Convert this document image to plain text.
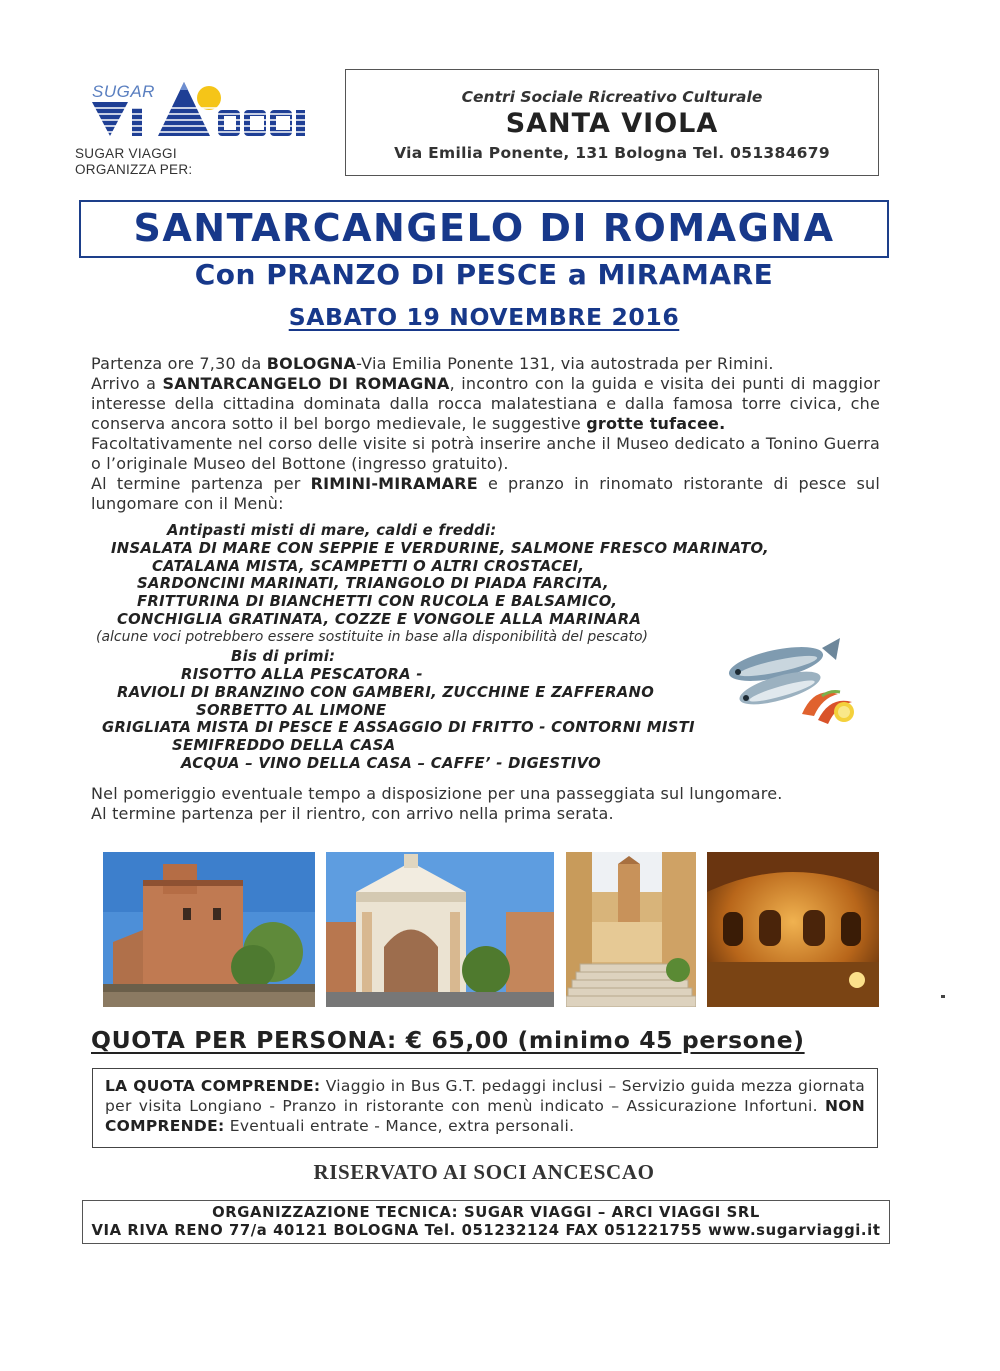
SUGAR
SUGAR VIAGGI
ORGANIZZA PER:
Centri Sociale Ricreativo Culturale
SANTA VIOLA
Via Emilia Ponente, 131 Bologna Tel. 051384679
SANTARCANGELO DI ROMAGNA
Con PRANZO DI PESCE a MIRAMARE
SABATO 19 NOVEMBRE 2016
Partenza ore 7,30 da BOLOGNA-Via Emilia Ponente 131, via autostrada per Rimini.
Arrivo a SANTARCANGELO DI ROMAGNA, incontro con la guida e visita dei punti di maggior interesse della cittadina dominata dalla rocca malatestiana e dalla famosa torre civica, che conserva ancora sotto il bel borgo medievale, le suggestive grotte tufacee.
Facoltativamente nel corso delle visite si potrà inserire anche il Museo dedicato a Tonino Guerra o l’originale Museo del Bottone (ingresso gratuito).
Al termine partenza per RIMINI-MIRAMARE e pranzo in rinomato ristorante di pesce sul lungomare con il Menù:
Antipasti misti di mare, caldi e freddi:
INSALATA DI MARE CON SEPPIE E VERDURINE, SALMONE FRESCO MARINATO,
CATALANA MISTA, SCAMPETTI O ALTRI CROSTACEI,
SARDONCINI MARINATI, TRIANGOLO DI PIADA FARCITA,
FRITTURINA DI BIANCHETTI CON RUCOLA E BALSAMICO,
CONCHIGLIA GRATINATA, COZZE E VONGOLE ALLA MARINARA
(alcune voci potrebbero essere sostituite in base alla disponibilità del pescato)
Bis di primi:
RISOTTO ALLA PESCATORA -
RAVIOLI DI BRANZINO CON GAMBERI, ZUCCHINE E ZAFFERANO
SORBETTO AL LIMONE
GRIGLIATA MISTA DI PESCE E ASSAGGIO DI FRITTO - CONTORNI MISTI
SEMIFREDDO DELLA CASA
ACQUA – VINO DELLA CASA – CAFFE’ - DIGESTIVO
Nel pomeriggio eventuale tempo a disposizione per una passeggiata sul lungomare.
Al termine partenza per il rientro, con arrivo nella prima serata.
QUOTA PER PERSONA: € 65,00 (minimo 45 persone)
LA QUOTA COMPRENDE: Viaggio in Bus G.T. pedaggi inclusi – Servizio guida mezza giornata per visita Longiano - Pranzo in ristorante con menù indicato – Assicurazione Infortuni. NON COMPRENDE: Eventuali entrate - Mance, extra personali.
RISERVATO AI SOCI ANCESCAO
ORGANIZZAZIONE TECNICA: SUGAR VIAGGI – ARCI VIAGGI SRL
VIA RIVA RENO 77/a 40121 BOLOGNA Tel. 051232124 FAX 051221755 www.sugarviaggi.it
